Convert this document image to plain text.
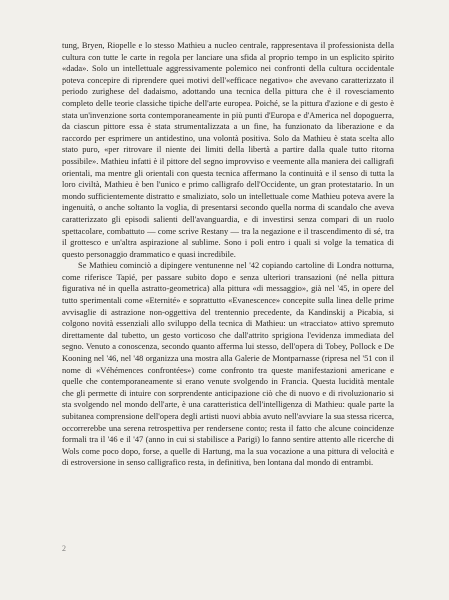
tung, Bryen, Riopelle e lo stesso Mathieu a nucleo centrale, rappresentava il professionista della cultura con tutte le carte in regola per lanciare una sfida al proprio tempo in un esplicito spirito «dada». Solo un intellettuale aggressivamente polemico nei confronti della cultura occidentale poteva concepire di riprendere quei motivi dell'«efficace negativo» che avevano caratterizzato il periodo zurighese del dadaismo, adottando una tecnica della pittura che è il rovesciamento completo delle teorie classiche tipiche dell'arte europea. Poiché, se la pittura d'azione e di gesto è stata un'invenzione sorta contemporaneamente in più punti d'Europa e d'America nel dopoguerra, da ciascun pittore essa è stata strumentalizzata a un fine, ha funzionato da liberazione e da raccordo per esprimere un antidestino, una volontà positiva. Solo da Mathieu è stata scelta allo stato puro, «per ritrovare il niente dei limiti della libertà a partire dalla quale tutto ritorna possibile». Mathieu infatti è il pittore del segno improvviso e veemente alla maniera dei calligrafi orientali, ma mentre gli orientali con questa tecnica affermano la continuità e il senso di tutta la loro civiltà, Mathieu è ben l'unico e primo calligrafo dell'Occidente, un gran protestatario. In un mondo sufficientemente distratto e smaliziato, solo un intellettuale come Mathieu poteva avere la ingenuità, o anche soltanto la voglia, di presentarsi secondo quella norma di scandalo che aveva caratterizzato gli episodi salienti dell'avanguardia, e di investirsi senza compari di un ruolo spettacolare, combattuto — come scrive Restany — tra la negazione e il trascendimento di sé, tra il grottesco e un'altra aspirazione al sublime. Sono i poli entro i quali si volge la tematica di questo personaggio drammatico e quasi incredibile.

Se Mathieu cominciò a dipingere ventunenne nel '42 copiando cartoline di Londra notturna, come riferisce Tapié, per passare subito dopo e senza ulteriori transazioni (né nella pittura figurativa né in quella astratto-geometrica) alla pittura «di messaggio», già nel '45, in opere del tutto sperimentali come «Eternité» e soprattutto «Evanescence» concepite sulla linea delle prime avvisaglie di astrazione non-oggettiva del trentennio precedente, da Kandinskij a Picabia, si colgono novità essenziali allo sviluppo della tecnica di Mathieu: un «tracciato» attivo spremuto direttamente dal tubetto, un gesto vorticoso che dall'attrito sprigiona l'evidenza immediata del segno. Venuto a conoscenza, secondo quanto afferma lui stesso, dell'opera di Tobey, Pollock e De Kooning nel '46, nel '48 organizza una mostra alla Galerie de Montparnasse (ripresa nel '51 con il nome di «Véhémences confrontées») come confronto tra queste manifestazioni americane e quelle che contemporaneamente si erano venute svolgendo in Francia. Questa lucidità mentale che gli permette di intuire con sorprendente anticipazione ciò che di nuovo e di rivoluzionario si sta svolgendo nel mondo dell'arte, è una caratteristica dell'intelligenza di Mathieu: quale parte la subitanea comprensione dell'opera degli artisti nuovi abbia avuto nell'avviare la sua stessa ricerca, occorrerebbe una serena retrospettiva per rendersene conto; resta il fatto che alcune coincidenze formali tra il '46 e il '47 (anno in cui si stabilisce a Parigi) lo fanno sentire attento alle ricerche di Wols come poco dopo, forse, a quelle di Hartung, ma la sua vocazione a una pittura di velocità e di estroversione in senso calligrafico resta, in definitiva, ben lontana dal mondo di entrambi.

2
